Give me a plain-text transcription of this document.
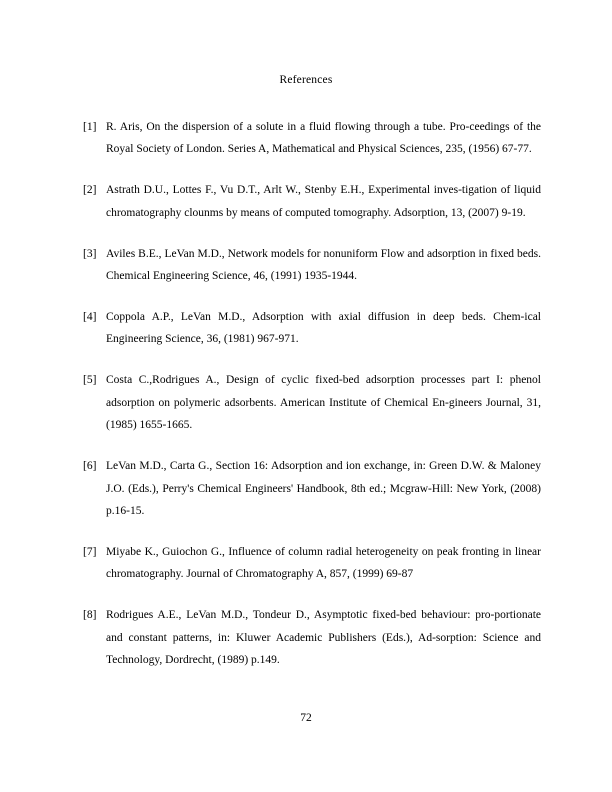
References
[1] R. Aris, On the dispersion of a solute in a fluid flowing through a tube. Pro‐ceedings of the Royal Society of London. Series A, Mathematical and Physical Sciences, 235, (1956) 67-77.
[2] Astrath D.U., Lottes F., Vu D.T., Arlt W., Stenby E.H., Experimental inves‐tigation of liquid chromatography clounms by means of computed tomography. Adsorption, 13, (2007) 9-19.
[3] Aviles B.E., LeVan M.D., Network models for nonuniform Flow and adsorption in fixed beds. Chemical Engineering Science, 46, (1991) 1935-1944.
[4] Coppola A.P., LeVan M.D., Adsorption with axial diffusion in deep beds. Chem‐ical Engineering Science, 36, (1981) 967-971.
[5] Costa C.,Rodrigues A., Design of cyclic fixed-bed adsorption processes part I: phenol adsorption on polymeric adsorbents. American Institute of Chemical En‐gineers Journal, 31, (1985) 1655-1665.
[6] LeVan M.D., Carta G., Section 16: Adsorption and ion exchange, in: Green D.W. & Maloney J.O. (Eds.), Perry's Chemical Engineers' Handbook, 8th ed.; Mcgraw-Hill: New York, (2008) p.16-15.
[7] Miyabe K., Guiochon G., Influence of column radial heterogeneity on peak fronting in linear chromatography. Journal of Chromatography A, 857, (1999) 69-87
[8] Rodrigues A.E., LeVan M.D., Tondeur D., Asymptotic fixed-bed behaviour: pro‐portionate and constant patterns, in: Kluwer Academic Publishers (Eds.), Ad‐sorption: Science and Technology, Dordrecht, (1989) p.149.
72
